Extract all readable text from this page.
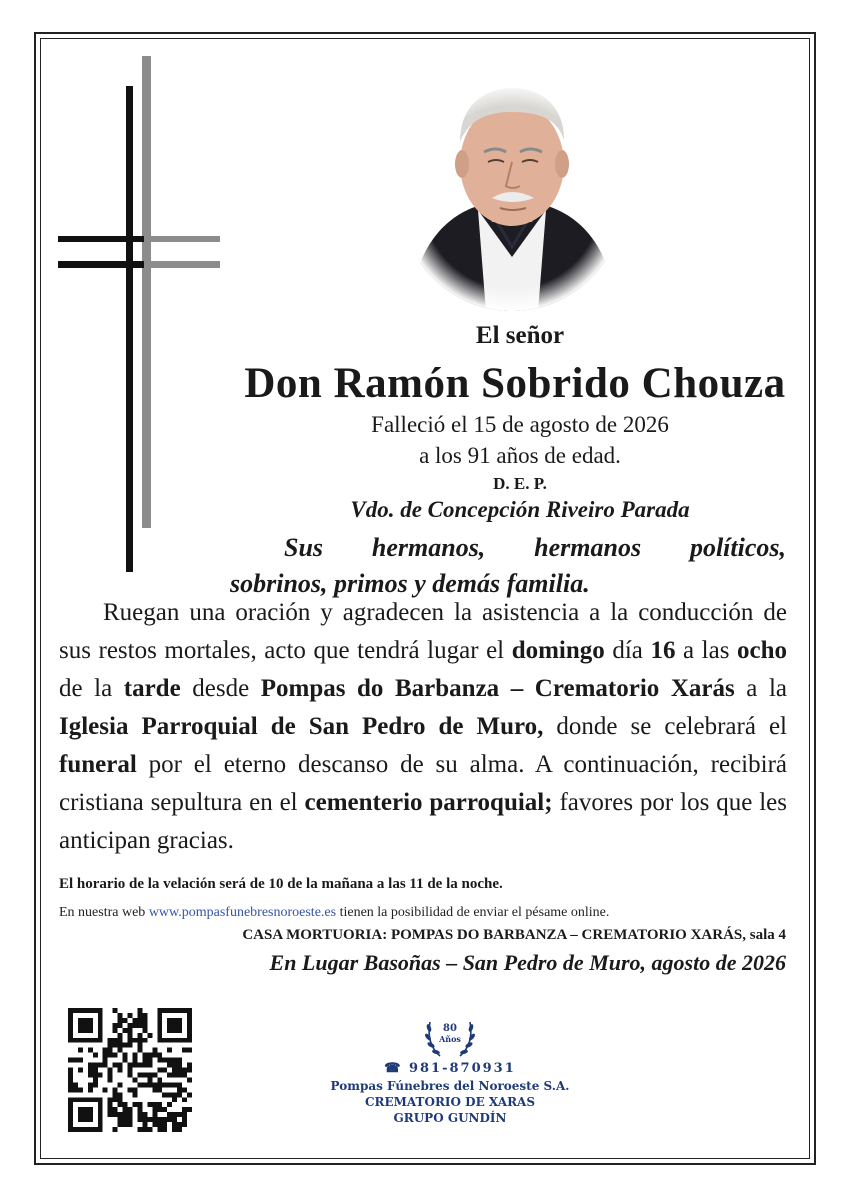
El señor
Don Ramón Sobrido Chouza
Falleció el 15 de agosto de 2026
a los 91 años de edad.
D. E. P.
Vdo. de Concepción Riveiro Parada
Sus hermanos, hermanos políticos,
sobrinos, primos y demás familia.

Ruegan una oración y agradecen la asistencia a la conducción de sus restos mortales, acto que tendrá lugar el domingo día 16 a las ocho de la tarde desde Pompas do Barbanza – Crematorio Xarás a la Iglesia Parroquial de San Pedro de Muro, donde se celebrará el funeral por el eterno descanso de su alma. A continuación, recibirá cristiana sepultura en el cementerio parroquial; favores por los que les anticipan gracias.

El horario de la velación será de 10 de la mañana a las 11 de la noche.
En nuestra web www.pompasfunebresnoroeste.es tienen la posibilidad de enviar el pésame online.
CASA MORTUORIA: POMPAS DO BARBANZA – CREMATORIO XARÁS, sala 4
En Lugar Basoñas – San Pedro de Muro, agosto de 2026
80
Años
☎ 981-870931
Pompas Fúnebres del Noroeste S.A.
CREMATORIO DE XARAS
GRUPO GUNDÍN
